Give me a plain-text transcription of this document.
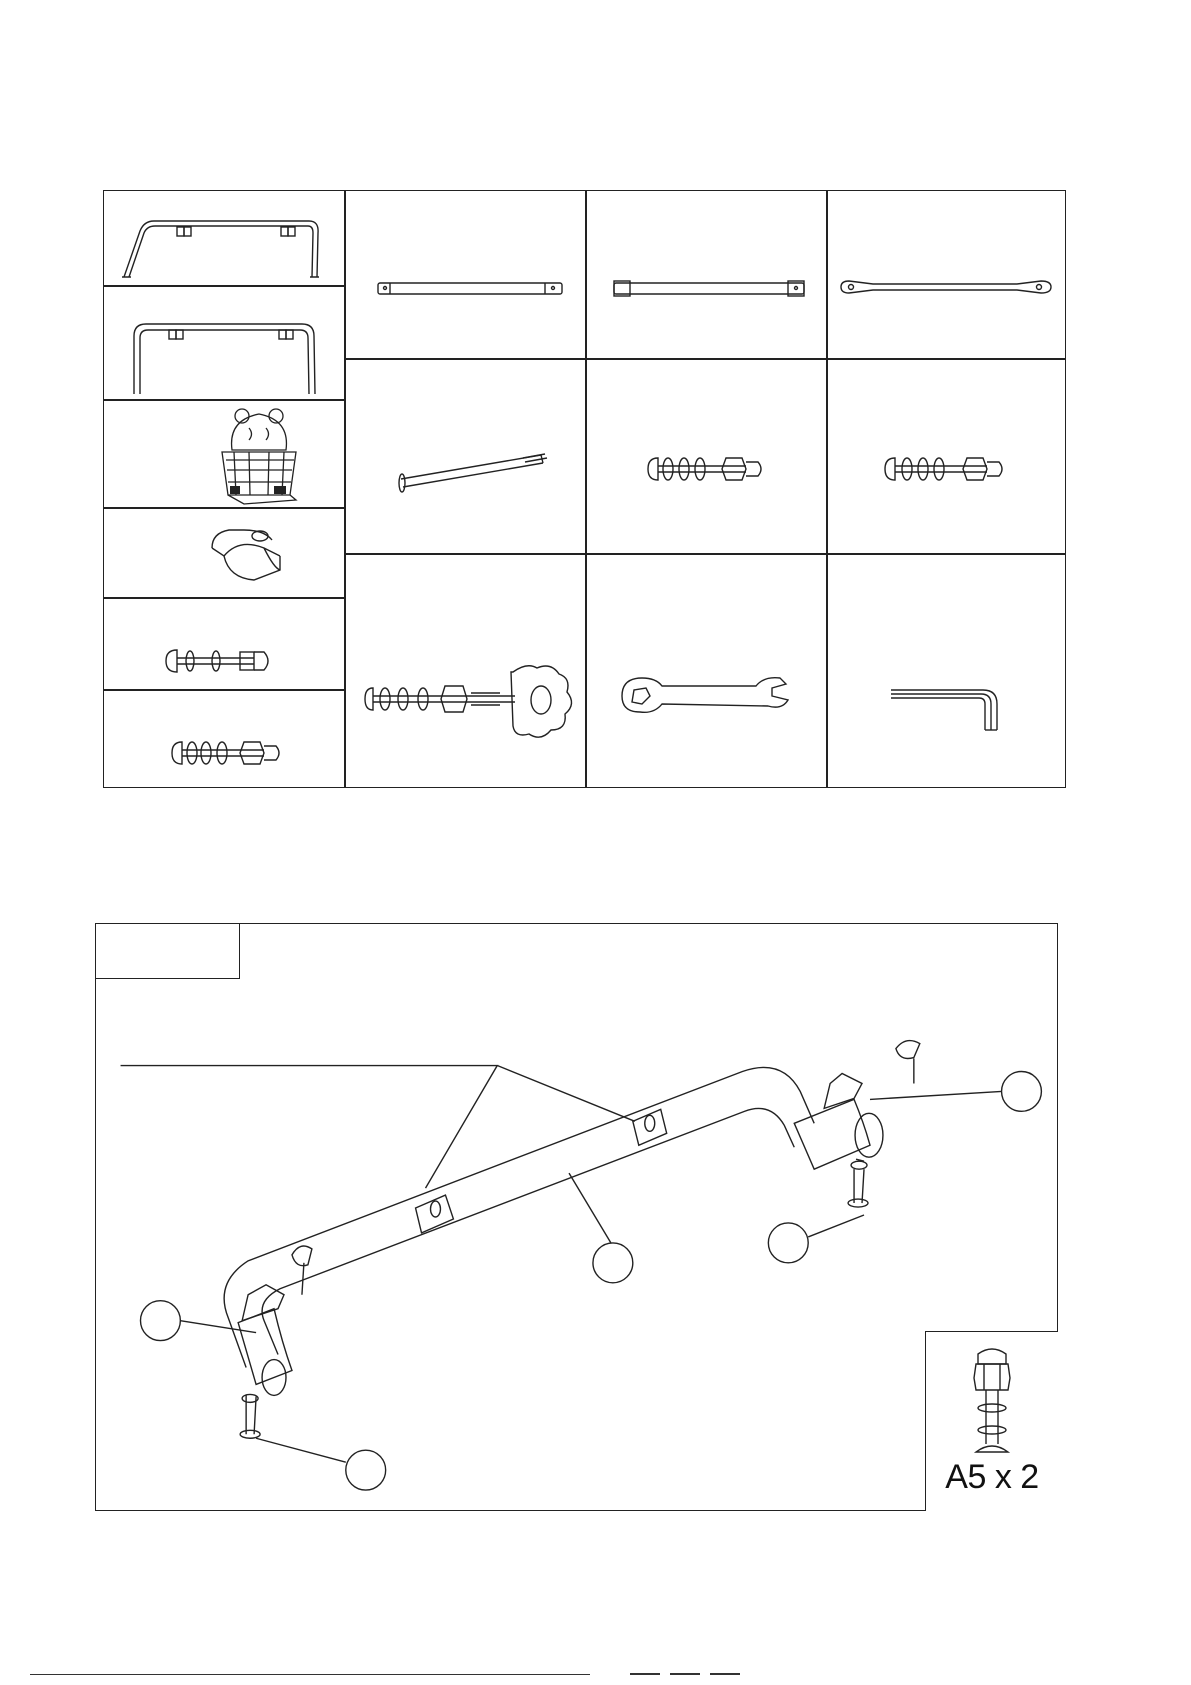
A5 x 2
